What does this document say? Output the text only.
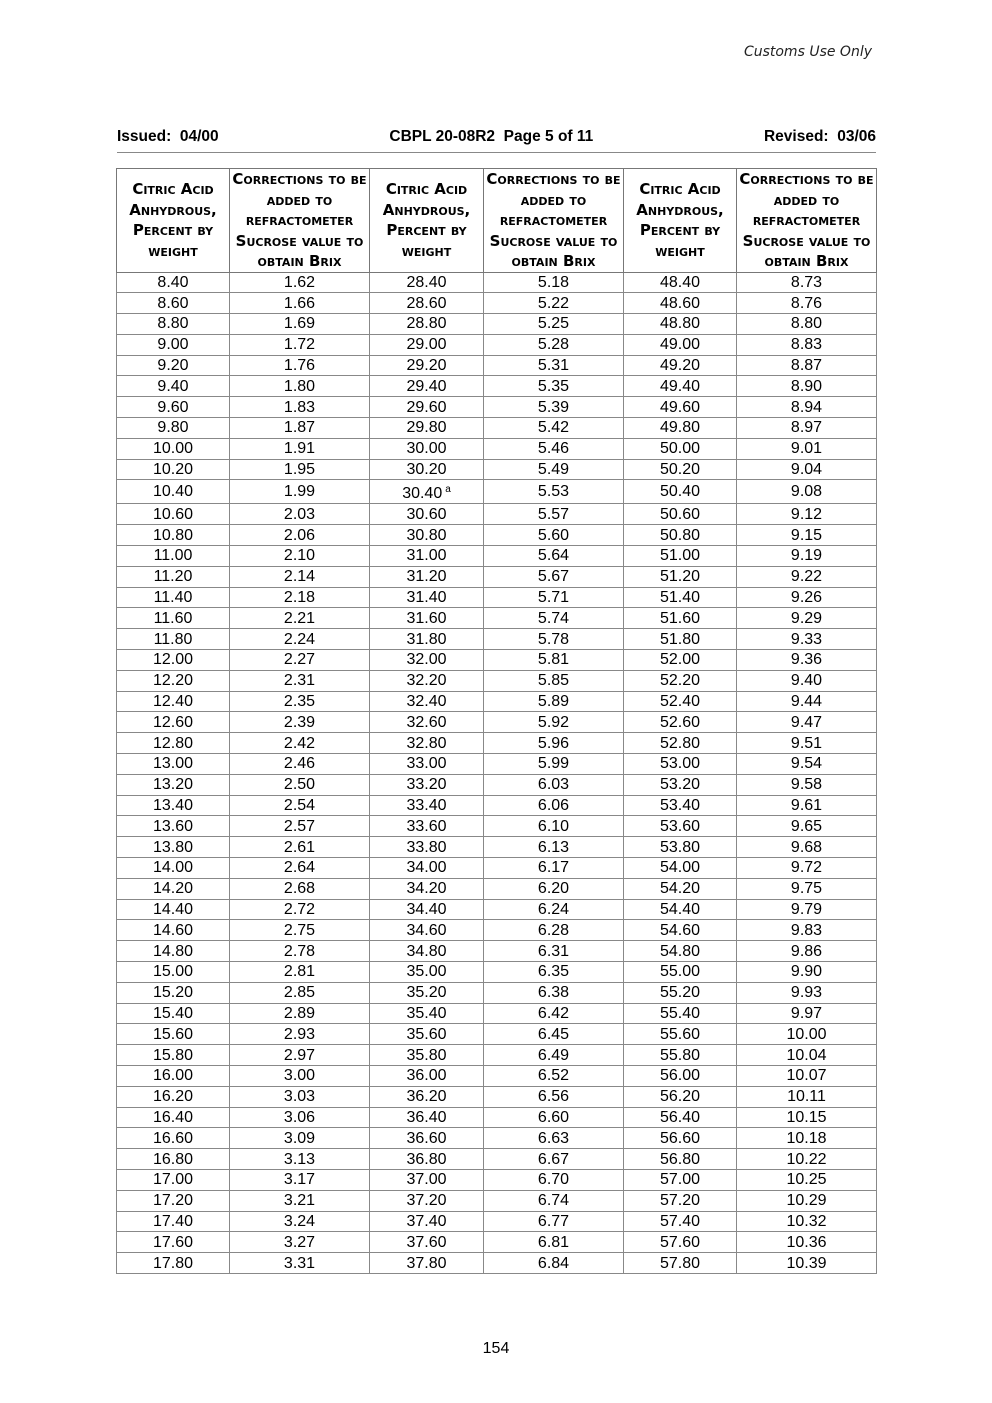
Customs Use Only
Issued:  04/00	CBPL 20-08R2  Page 5 of 11	Revised:  03/06
Citric Acid Anhydrous, Percent by weight	Corrections to be added to refractometer Sucrose value to obtain Brix	Citric Acid Anhydrous, Percent by weight	Corrections to be added to refractometer Sucrose value to obtain Brix	Citric Acid Anhydrous, Percent by weight	Corrections to be added to refractometer Sucrose value to obtain Brix
8.40	1.62	28.40	5.18	48.40	8.73
8.60	1.66	28.60	5.22	48.60	8.76
8.80	1.69	28.80	5.25	48.80	8.80
9.00	1.72	29.00	5.28	49.00	8.83
9.20	1.76	29.20	5.31	49.20	8.87
9.40	1.80	29.40	5.35	49.40	8.90
9.60	1.83	29.60	5.39	49.60	8.94
9.80	1.87	29.80	5.42	49.80	8.97
10.00	1.91	30.00	5.46	50.00	9.01
10.20	1.95	30.20	5.49	50.20	9.04
10.40	1.99	30.40 $^a$	5.53	50.40	9.08
10.60	2.03	30.60	5.57	50.60	9.12
10.80	2.06	30.80	5.60	50.80	9.15
11.00	2.10	31.00	5.64	51.00	9.19
11.20	2.14	31.20	5.67	51.20	9.22
11.40	2.18	31.40	5.71	51.40	9.26
11.60	2.21	31.60	5.74	51.60	9.29
11.80	2.24	31.80	5.78	51.80	9.33
12.00	2.27	32.00	5.81	52.00	9.36
12.20	2.31	32.20	5.85	52.20	9.40
12.40	2.35	32.40	5.89	52.40	9.44
12.60	2.39	32.60	5.92	52.60	9.47
12.80	2.42	32.80	5.96	52.80	9.51
13.00	2.46	33.00	5.99	53.00	9.54
13.20	2.50	33.20	6.03	53.20	9.58
13.40	2.54	33.40	6.06	53.40	9.61
13.60	2.57	33.60	6.10	53.60	9.65
13.80	2.61	33.80	6.13	53.80	9.68
14.00	2.64	34.00	6.17	54.00	9.72
14.20	2.68	34.20	6.20	54.20	9.75
14.40	2.72	34.40	6.24	54.40	9.79
14.60	2.75	34.60	6.28	54.60	9.83
14.80	2.78	34.80	6.31	54.80	9.86
15.00	2.81	35.00	6.35	55.00	9.90
15.20	2.85	35.20	6.38	55.20	9.93
15.40	2.89	35.40	6.42	55.40	9.97
15.60	2.93	35.60	6.45	55.60	10.00
15.80	2.97	35.80	6.49	55.80	10.04
16.00	3.00	36.00	6.52	56.00	10.07
16.20	3.03	36.20	6.56	56.20	10.11
16.40	3.06	36.40	6.60	56.40	10.15
16.60	3.09	36.60	6.63	56.60	10.18
16.80	3.13	36.80	6.67	56.80	10.22
17.00	3.17	37.00	6.70	57.00	10.25
17.20	3.21	37.20	6.74	57.20	10.29
17.40	3.24	37.40	6.77	57.40	10.32
17.60	3.27	37.60	6.81	57.60	10.36
17.80	3.31	37.80	6.84	57.80	10.39
154
